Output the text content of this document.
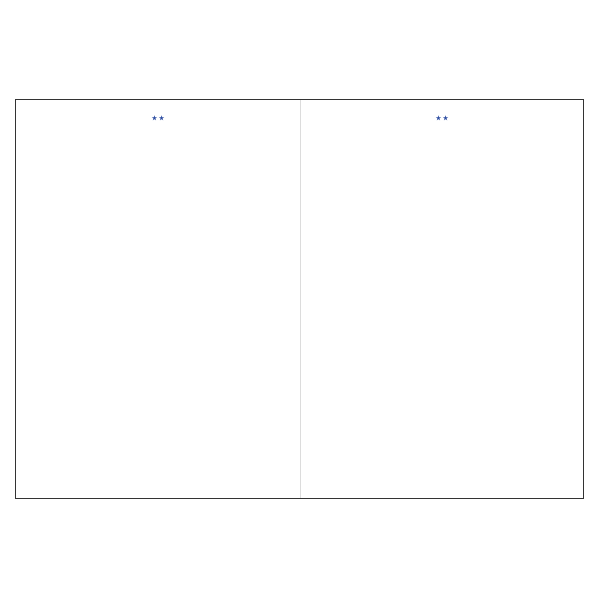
★ ★	★ ★
